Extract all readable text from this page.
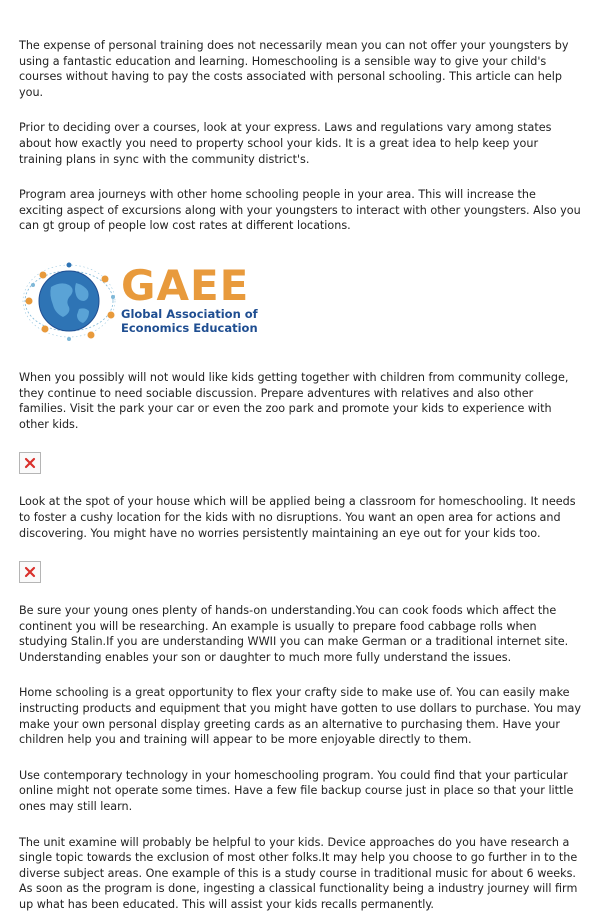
The expense of personal training does not necessarily mean you can not offer your youngsters by using a fantastic education and learning. Homeschooling is a sensible way to give your child's courses without having to pay the costs associated with personal schooling. This article can help you.

Prior to deciding over a courses, look at your express. Laws and regulations vary among states about how exactly you need to property school your kids. It is a great idea to help keep your training plans in sync with the community district's.

Program area journeys with other home schooling people in your area. This will increase the exciting aspect of excursions along with your youngsters to interact with other youngsters. Also you can gt group of people low cost rates at different locations.

GAEE
Global Association of
Economics Education

When you possibly will not would like kids getting together with children from community college, they continue to need sociable discussion. Prepare adventures with relatives and also other families. Visit the park your car or even the zoo park and promote your kids to experience with other kids.

Look at the spot of your house which will be applied being a classroom for homeschooling. It needs to foster a cushy location for the kids with no disruptions. You want an open area for actions and discovering. You might have no worries persistently maintaining an eye out for your kids too.

Be sure your young ones plenty of hands-on understanding.You can cook foods which affect the continent you will be researching. An example is usually to prepare food cabbage rolls when studying Stalin.If you are understanding WWII you can make German or a traditional internet site. Understanding enables your son or daughter to much more fully understand the issues.

Home schooling is a great opportunity to flex your crafty side to make use of. You can easily make instructing products and equipment that you might have gotten to use dollars to purchase. You may make your own personal display greeting cards as an alternative to purchasing them. Have your children help you and training will appear to be more enjoyable directly to them.

Use contemporary technology in your homeschooling program. You could find that your particular online might not operate some times. Have a few file backup course just in place so that your little ones may still learn.

The unit examine will probably be helpful to your kids. Device approaches do you have research a single topic towards the exclusion of most other folks.It may help you choose to go further in to the diverse subject areas. One example of this is a study course in traditional music for about 6 weeks. As soon as the program is done, ingesting a classical functionality being a industry journey will firm up what has been educated. This will assist your kids recalls permanently.
